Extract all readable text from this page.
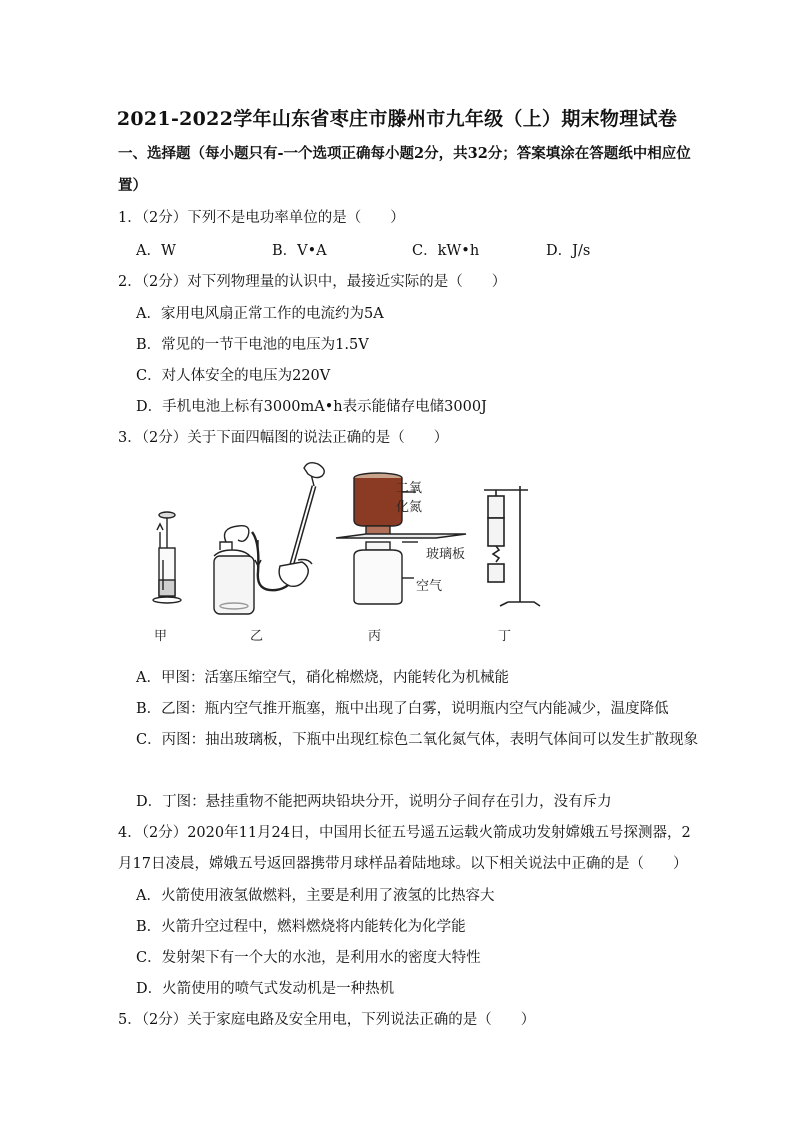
2021-2022学年山东省枣庄市滕州市九年级（上）期末物理试卷
一、选择题（每小题只有-一个选项正确每小题2分，共32分；答案填涂在答题纸中相应位置）
1．（2分）下列不是电功率单位的是（　　）
A．W	B．V•A	C．kW•h	D．J/s
2．（2分）对下列物理量的认识中，最接近实际的是（　　）
A．家用电风扇正常工作的电流约为5A
B．常见的一节干电池的电压为1.5V
C．对人体安全的电压为220V
D．手机电池上标有3000mA•h表示能储存电储3000J
3．（2分）关于下面四幅图的说法正确的是（　　）
二氧
化氮
玻璃板
空气
甲	乙	丙	丁
A．甲图：活塞压缩空气，硝化棉燃烧，内能转化为机械能
B．乙图：瓶内空气推开瓶塞，瓶中出现了白雾，说明瓶内空气内能减少，温度降低
C．丙图：抽出玻璃板，下瓶中出现红棕色二氧化氮气体，表明气体间可以发生扩散现象
D．丁图：悬挂重物不能把两块铅块分开，说明分子间存在引力，没有斥力
4．（2分）2020年11月24日，中国用长征五号遥五运载火箭成功发射嫦娥五号探测器，2
月17日凌晨，嫦娥五号返回器携带月球样品着陆地球。以下相关说法中正确的是（　　）
A．火箭使用液氢做燃料，主要是利用了液氢的比热容大
B．火箭升空过程中，燃料燃烧将内能转化为化学能
C．发射架下有一个大的水池，是利用水的密度大特性
D．火箭使用的喷气式发动机是一种热机
5．（2分）关于家庭电路及安全用电，下列说法正确的是（　　）
